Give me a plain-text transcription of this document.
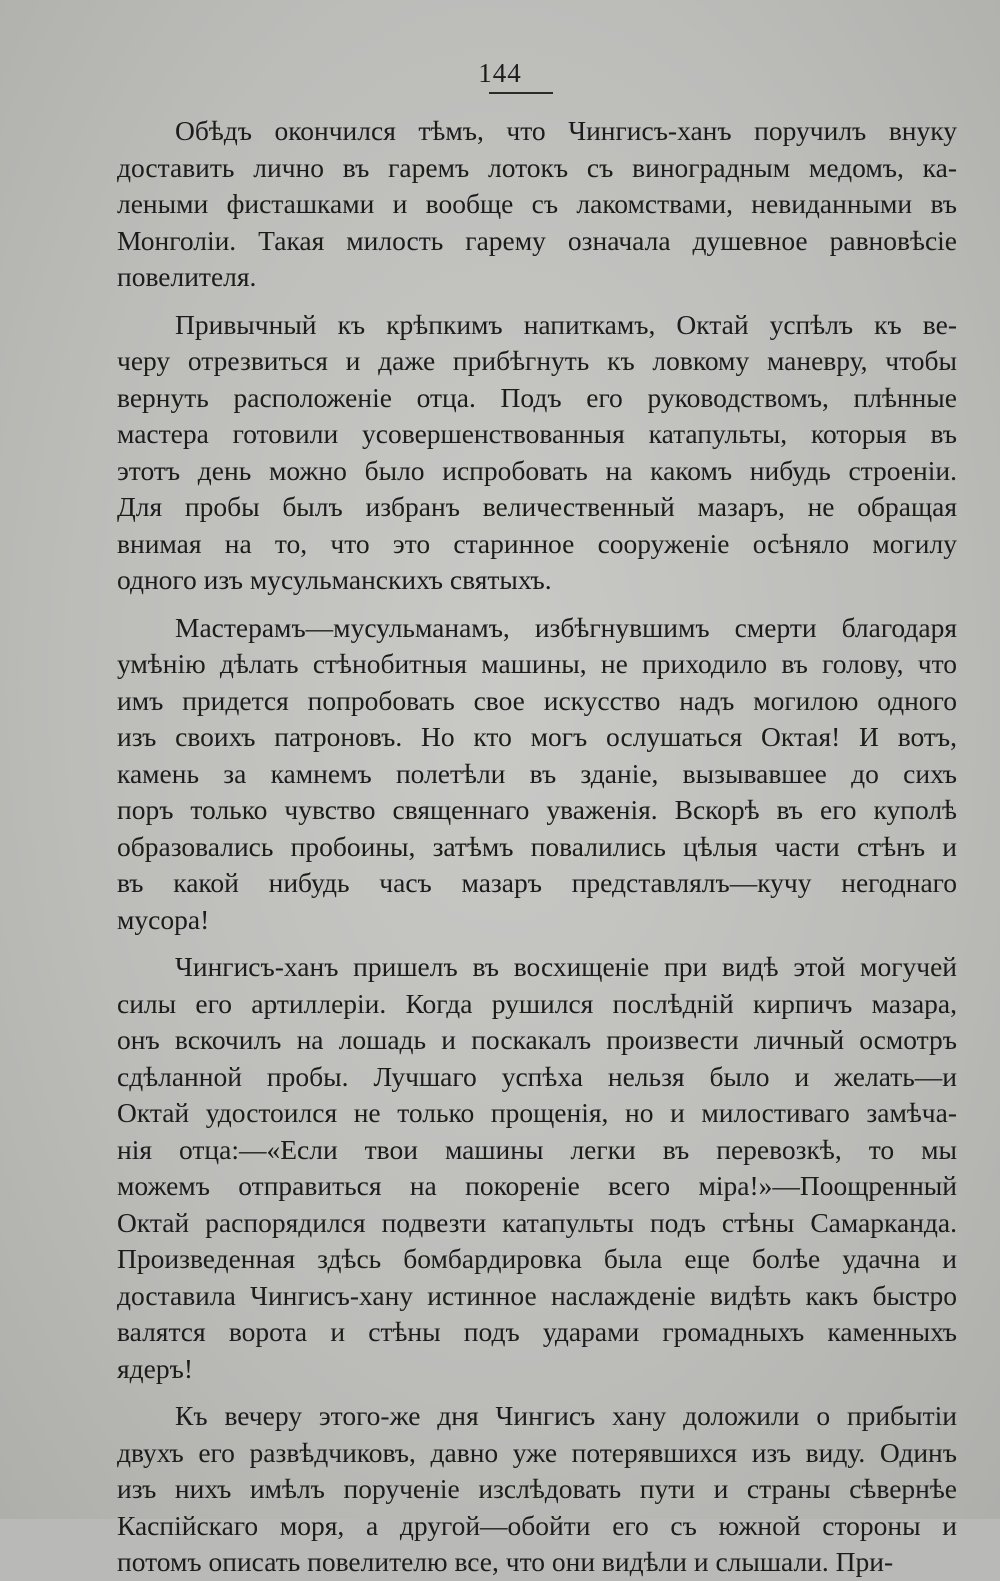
144
Обѣдъ окончился тѣмъ, что Чингисъ-ханъ поручилъ внуку
доставить лично въ гаремъ лотокъ съ виноградным медомъ, ка-
леными фисташками и вообще съ лакомствами, невиданными въ
Монголіи. Такая милость гарему означала душевное равновѣсіе
повелителя.
Привычный къ крѣпкимъ напиткамъ, Октай успѣлъ къ ве-
черу отрезвиться и даже прибѣгнуть къ ловкому маневру, чтобы
вернуть расположеніе отца. Подъ его руководствомъ, плѣнные
мастера готовили усовершенствованныя катапульты, которыя въ
этотъ день можно было испробовать на какомъ нибудь строеніи.
Для пробы былъ избранъ величественный мазаръ, не обращая
внимая на то, что это старинное сооруженіе осѣняло могилу
одного изъ мусульманскихъ святыхъ.
Мастерамъ—мусульманамъ, избѣгнувшимъ смерти благодаря
умѣнію дѣлать стѣнобитныя машины, не приходило въ голову, что
имъ придется попробовать свое искусство надъ могилою одного
изъ своихъ патроновъ. Но кто могъ ослушаться Октая! И вотъ,
камень за камнемъ полетѣли въ зданіе, вызывавшее до сихъ
поръ только чувство священнаго уваженія. Вскорѣ въ его куполѣ
образовались пробоины, затѣмъ повалились цѣлыя части стѣнъ и
въ какой нибудь часъ мазаръ представлялъ—кучу негоднаго
мусора!
Чингисъ-ханъ пришелъ въ восхищеніе при видѣ этой могучей
силы его артиллеріи. Когда рушился послѣдній кирпичъ мазара,
онъ вскочилъ на лошадь и поскакалъ произвести личный осмотръ
сдѣланной пробы. Лучшаго успѣха нельзя было и желать—и
Октай удостоился не только прощенія, но и милостиваго замѣча-
нія отца:—«Если твои машины легки въ перевозкѣ, то мы
можемъ отправиться на покореніе всего міра!»—Поощренный
Октай распорядился подвезти катапульты подъ стѣны Самарканда.
Произведенная здѣсь бомбардировка была еще болѣе удачна и
доставила Чингисъ-хану истинное наслажденіе видѣть какъ быстро
валятся ворота и стѣны подъ ударами громадныхъ каменныхъ
ядеръ!
Къ вечеру этого-же дня Чингисъ хану доложили о прибытіи
двухъ его развѣдчиковъ, давно уже потерявшихся изъ виду. Одинъ
изъ нихъ имѣлъ порученіе изслѣдовать пути и страны сѣвернѣе
Каспійскаго моря, а другой—обойти его съ южной стороны и
потомъ описать повелителю все, что они видѣли и слышали. При-
